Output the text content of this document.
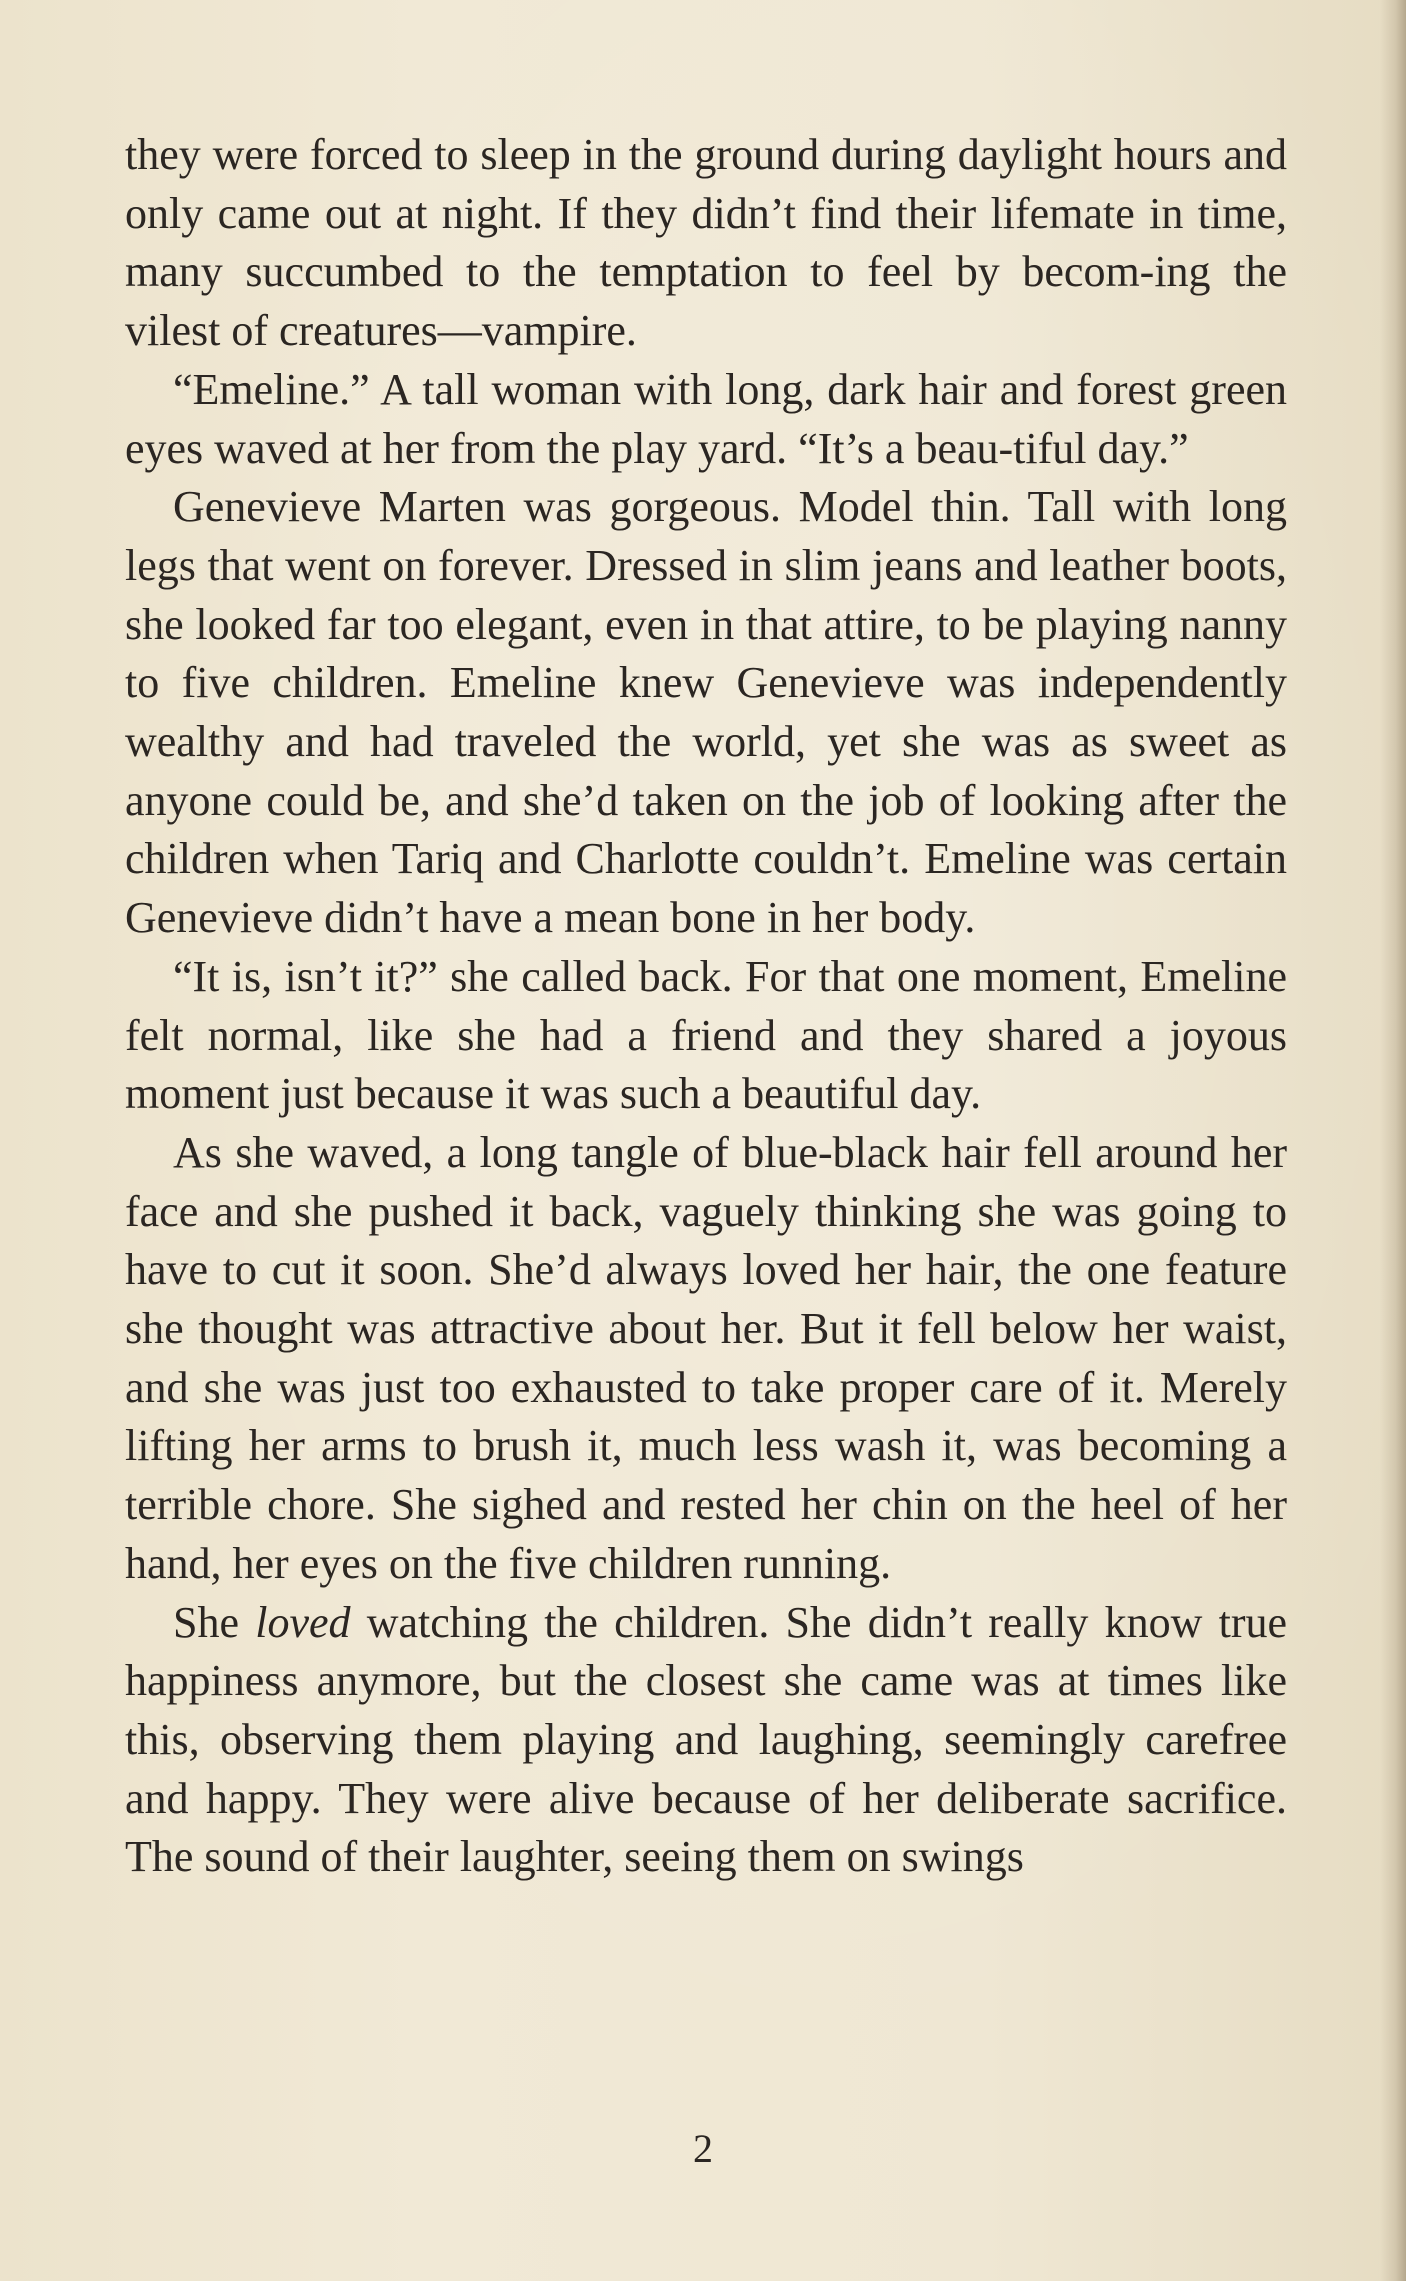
they were forced to sleep in the ground during daylight hours and only came out at night. If they didn’t find their lifemate in time, many succumbed to the temptation to feel by becom-ing the vilest of creatures—vampire.

“Emeline.” A tall woman with long, dark hair and forest green eyes waved at her from the play yard. “It’s a beau-tiful day.”

Genevieve Marten was gorgeous. Model thin. Tall with long legs that went on forever. Dressed in slim jeans and leather boots, she looked far too elegant, even in that attire, to be playing nanny to five children. Emeline knew Genevieve was independently wealthy and had traveled the world, yet she was as sweet as anyone could be, and she’d taken on the job of looking after the children when Tariq and Charlotte couldn’t. Emeline was certain Genevieve didn’t have a mean bone in her body.

“It is, isn’t it?” she called back. For that one moment, Emeline felt normal, like she had a friend and they shared a joyous moment just because it was such a beautiful day.

As she waved, a long tangle of blue-black hair fell around her face and she pushed it back, vaguely thinking she was going to have to cut it soon. She’d always loved her hair, the one feature she thought was attractive about her. But it fell below her waist, and she was just too exhausted to take proper care of it. Merely lifting her arms to brush it, much less wash it, was becoming a terrible chore. She sighed and rested her chin on the heel of her hand, her eyes on the five children running.

She loved watching the children. She didn’t really know true happiness anymore, but the closest she came was at times like this, observing them playing and laughing, seemingly carefree and happy. They were alive because of her deliberate sacrifice. The sound of their laughter, seeing them on swings

2
